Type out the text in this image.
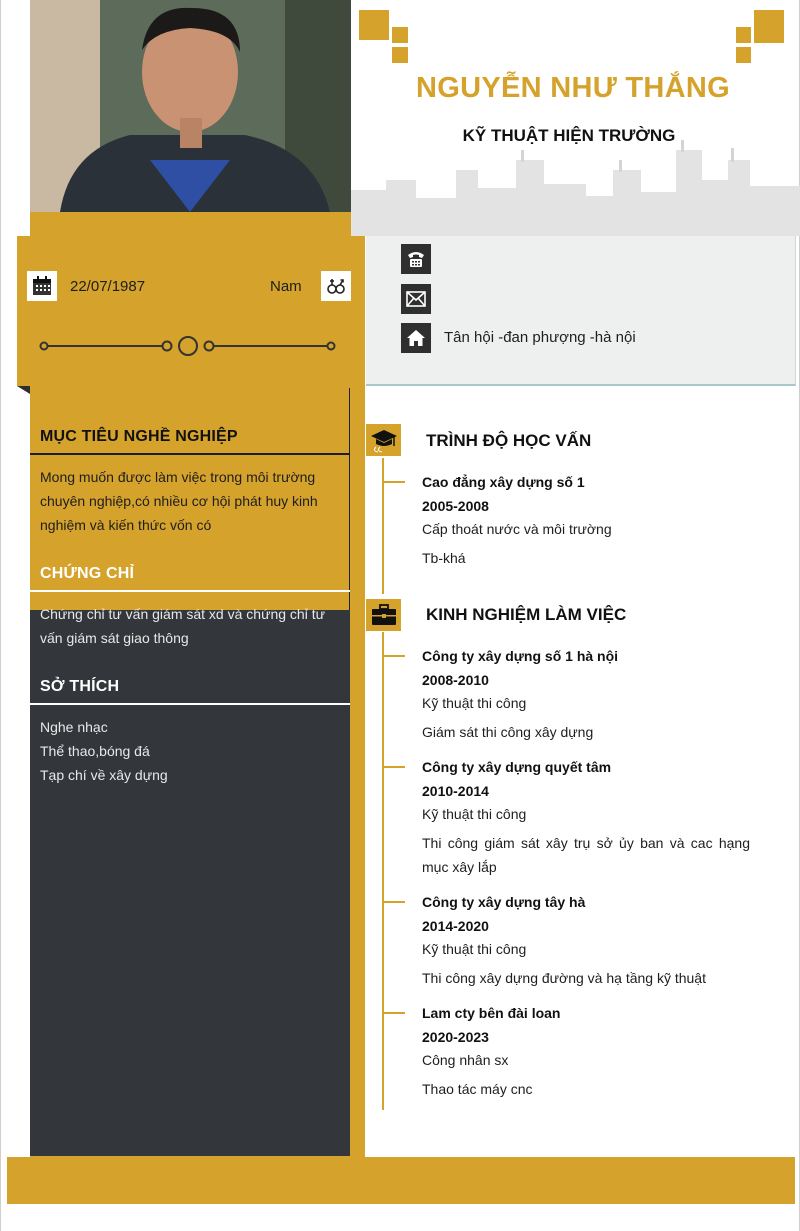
22/07/1987	Nam
MỤC TIÊU NGHỀ NGHIỆP
Mong muốn được làm việc trong môi trường
chuyên nghiệp,có nhiều cơ hội phát huy kinh
nghiệm và kiến thức vốn có
CHỨNG CHỈ
Chứng chỉ tư vấn giám sát xd và chứng chỉ tư
vấn giám sát giao thông
SỞ THÍCH
Nghe nhạc
Thể thao,bóng đá
Tạp chí về xây dựng
NGUYỄN NHƯ THẮNG
KỸ THUẬT HIỆN TRƯỜNG
Tân hội -đan phượng -hà nội
TRÌNH ĐỘ HỌC VẤN
Cao đẳng xây dựng số 1
2005-2008
Cấp thoát nước và môi trường
Tb-khá
KINH NGHIỆM LÀM VIỆC
Công ty xây dựng số 1 hà nội
2008-2010
Kỹ thuật thi công
Giám sát thi công xây dựng
Công ty xây dựng quyết tâm
2010-2014
Kỹ thuật thi công
Thi công giám sát xây trụ sở ủy ban và cac hạng mục xây lắp
Công ty xây dựng tây hà
2014-2020
Kỹ thuật thi công
Thi công xây dựng đường và hạ tầng kỹ thuật
Lam cty bên đài loan
2020-2023
Công nhân sx
Thao tác máy cnc
